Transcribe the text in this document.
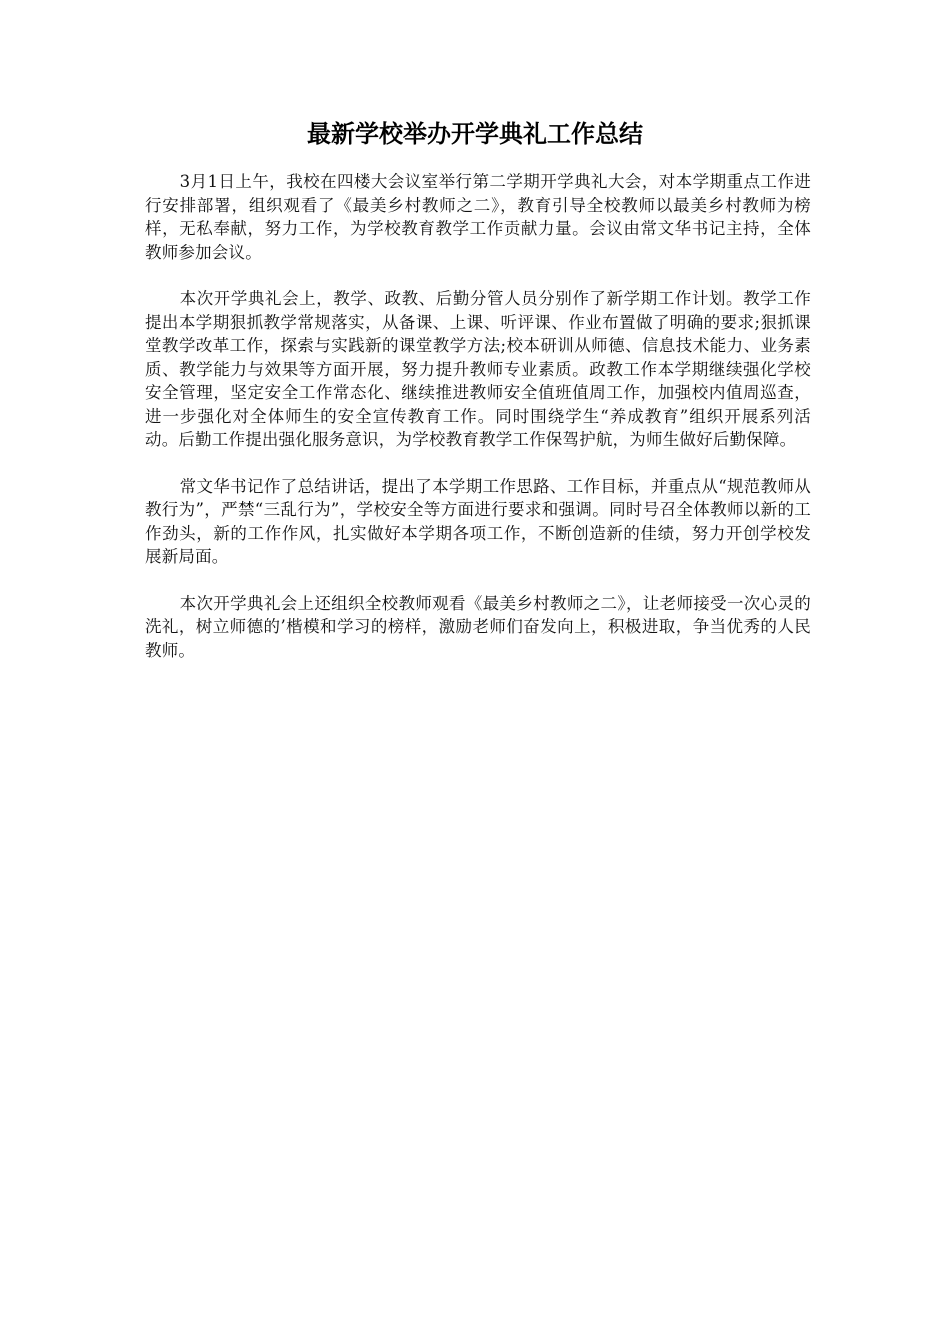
最新学校举办开学典礼工作总结

3月1日上午，我校在四楼大会议室举行第二学期开学典礼大会，对本学期重点工作进行安排部署，组织观看了《最美乡村教师之二》，教育引导全校教师以最美乡村教师为榜样，无私奉献，努力工作，为学校教育教学工作贡献力量。会议由常文华书记主持，全体教师参加会议。

本次开学典礼会上，教学、政教、后勤分管人员分别作了新学期工作计划。教学工作提出本学期狠抓教学常规落实，从备课、上课、听评课、作业布置做了明确的要求;狠抓课堂教学改革工作，探索与实践新的课堂教学方法;校本研训从师德、信息技术能力、业务素质、教学能力与效果等方面开展，努力提升教师专业素质。政教工作本学期继续强化学校安全管理，坚定安全工作常态化、继续推进教师安全值班值周工作，加强校内值周巡查，进一步强化对全体师生的安全宣传教育工作。同时围绕学生“养成教育”组织开展系列活动。后勤工作提出强化服务意识，为学校教育教学工作保驾护航，为师生做好后勤保障。

常文华书记作了总结讲话，提出了本学期工作思路、工作目标，并重点从“规范教师从教行为”，严禁“三乱行为”，学校安全等方面进行要求和强调。同时号召全体教师以新的工作劲头，新的工作作风，扎实做好本学期各项工作，不断创造新的佳绩，努力开创学校发展新局面。

本次开学典礼会上还组织全校教师观看《最美乡村教师之二》，让老师接受一次心灵的洗礼，树立师德的’楷模和学习的榜样，激励老师们奋发向上，积极进取，争当优秀的人民教师。
